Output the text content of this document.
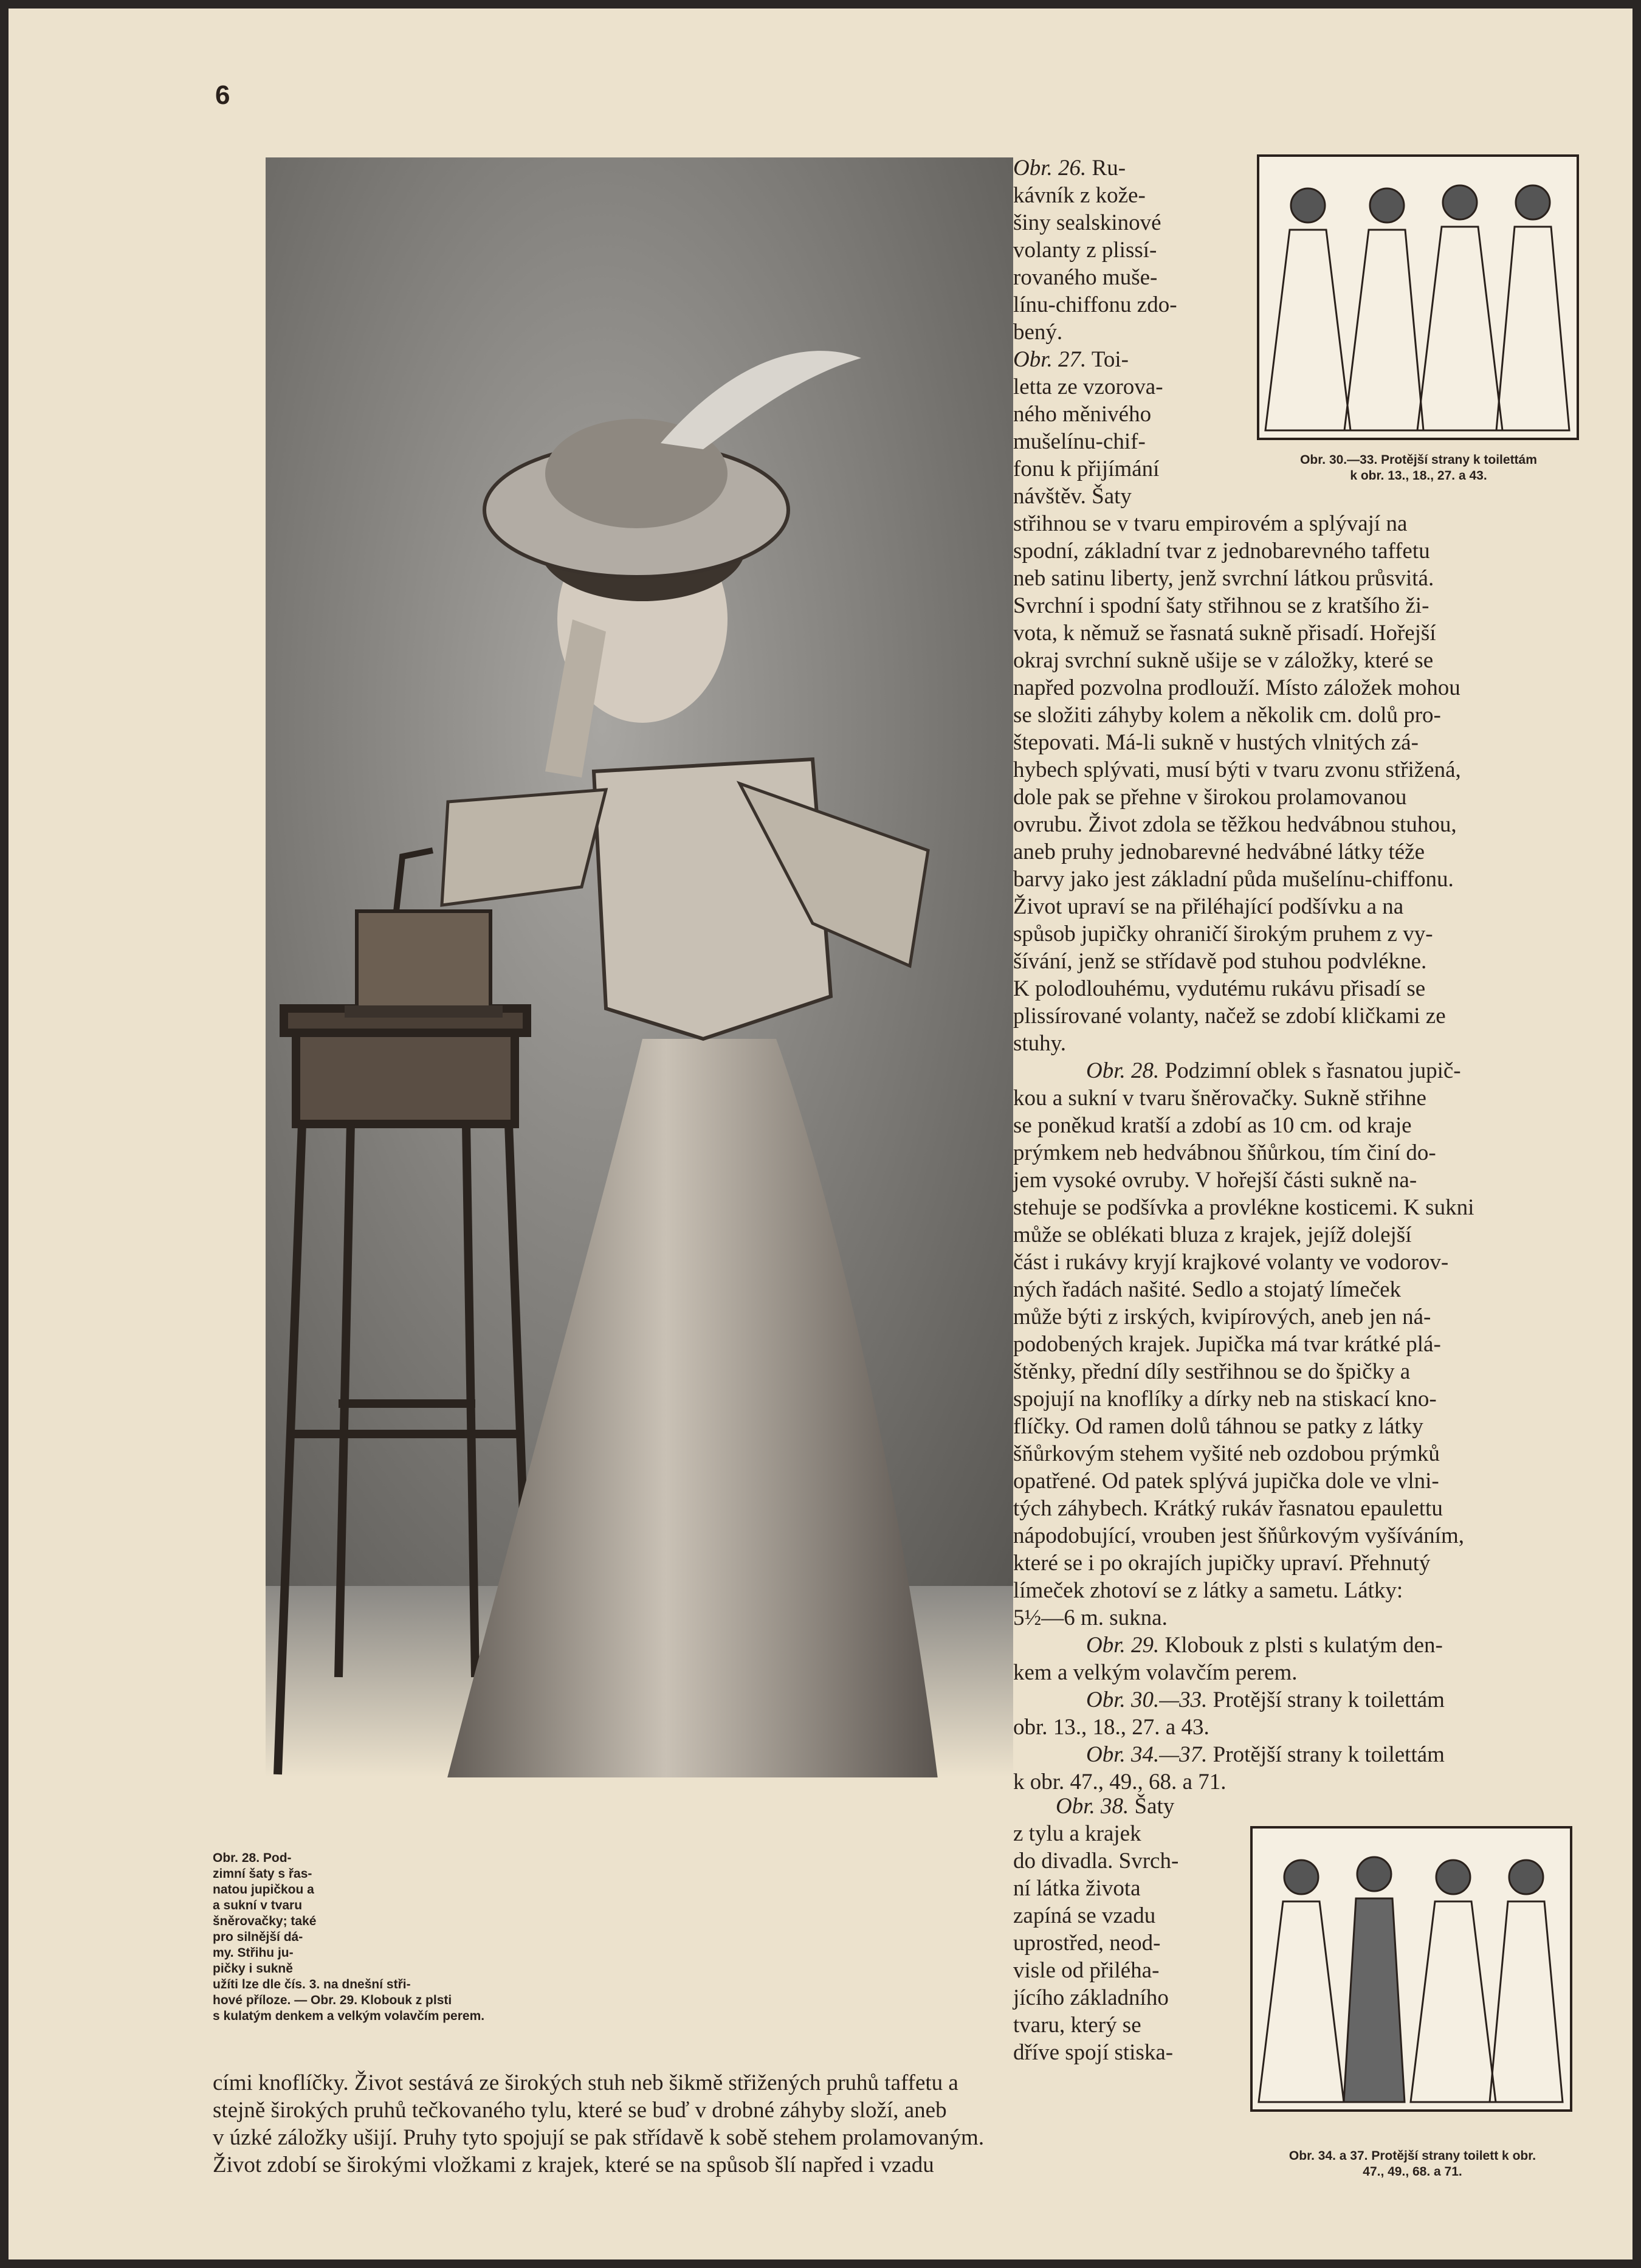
6
Obr. 28. Pod-
zimní šaty s řas-
natou jupičkou a
a sukní v tvaru
šněrovačky; také
pro silnější dá-
my. Střihu ju-
pičky i sukně
užíti lze dle čís. 3. na dnešní stři-
hové příloze. — Obr. 29. Klobouk z plsti
s kulatým denkem a velkým volavčím perem.
Obr. 30.—33. Protější strany k toilettám
k obr. 13., 18., 27. a 43.
Obr. 34. a 37. Protější strany toilett k obr.
47., 49., 68. a 71.

Obr. 26. Ru-
kávník z kože-
šiny sealskinové
volanty z plissí-
rovaného muše-
línu-chiffonu zdo-
bený.

Obr. 27. Toi-
letta ze vzorova-
ného měnivého
mušelínu-chif-
fonu k přijímání
návštěv. Šaty

střihnou se v tvaru empirovém a splývají na
spodní, základní tvar z jednobarevného taffetu
neb satinu liberty, jenž svrchní látkou průsvitá.
Svrchní i spodní šaty střihnou se z kratšího ži-
vota, k němuž se řasnatá sukně přisadí. Hořejší
okraj svrchní sukně ušije se v záložky, které se
napřed pozvolna prodlouží. Místo záložek mohou
se složiti záhyby kolem a několik cm. dolů pro-
štepovati. Má-li sukně v hustých vlnitých zá-
hybech splývati, musí býti v tvaru zvonu střižená,
dole pak se přehne v širokou prolamovanou
ovrubu. Život zdola se těžkou hedvábnou stuhou,
aneb pruhy jednobarevné hedvábné látky téže
barvy jako jest základní půda mušelínu-chiffonu.
Život upraví se na přiléhající podšívku a na
spůsob jupičky ohraničí širokým pruhem z vy-
šívání, jenž se střídavě pod stuhou podvlékne.
K polodlouhému, vydutému rukávu přisadí se
plissírované volanty, načež se zdobí kličkami ze
stuhy.
Obr. 28. Podzimní oblek s řasnatou jupič-
kou a sukní v tvaru šněrovačky. Sukně střihne
se poněkud kratší a zdobí as 10 cm. od kraje
prýmkem neb hedvábnou šňůrkou, tím činí do-
jem vysoké ovruby. V hořejší části sukně na-
stehuje se podšívka a provlékne kosticemi. K sukni
může se oblékati bluza z krajek, jejíž dolejší
část i rukávy kryjí krajkové volanty ve vodorov-
ných řadách našité. Sedlo a stojatý límeček
může býti z irských, kvipírových, aneb jen ná-
podobených krajek. Jupička má tvar krátké plá-
štěnky, přední díly sestřihnou se do špičky a
spojují na knoflíky a dírky neb na stiskací kno-
flíčky. Od ramen dolů táhnou se patky z látky
šňůrkovým stehem vyšité neb ozdobou prýmků
opatřené. Od patek splývá jupička dole ve vlni-
tých záhybech. Krátký rukáv řasnatou epaulettu
nápodobující, vrouben jest šňůrkovým vyšíváním,
které se i po okrajích jupičky upraví. Přehnutý
límeček zhotoví se z látky a sametu. Látky:
5½—6 m. sukna.
Obr. 29. Klobouk z plsti s kulatým den-
kem a velkým volavčím perem.
Obr. 30.—33. Protější strany k toilettám
obr. 13., 18., 27. a 43.
Obr. 34.—37. Protější strany k toilettám
k obr. 47., 49., 68. a 71.
Obr. 38. Šaty
z tylu a krajek
do divadla. Svrch-
ní látka života
zapíná se vzadu
uprostřed, neod-
visle od přiléha-
jícího základního
tvaru, který se
dříve spojí stiska-
cími knoflíčky. Život sestává ze širokých stuh neb šikmě střižených pruhů taffetu a
stejně širokých pruhů tečkovaného tylu, které se buď v drobné záhyby složí, aneb
v úzké záložky ušijí. Pruhy tyto spojují se pak střídavě k sobě stehem prolamovaným.
Život zdobí se širokými vložkami z krajek, které se na spůsob šlí napřed i vzadu
